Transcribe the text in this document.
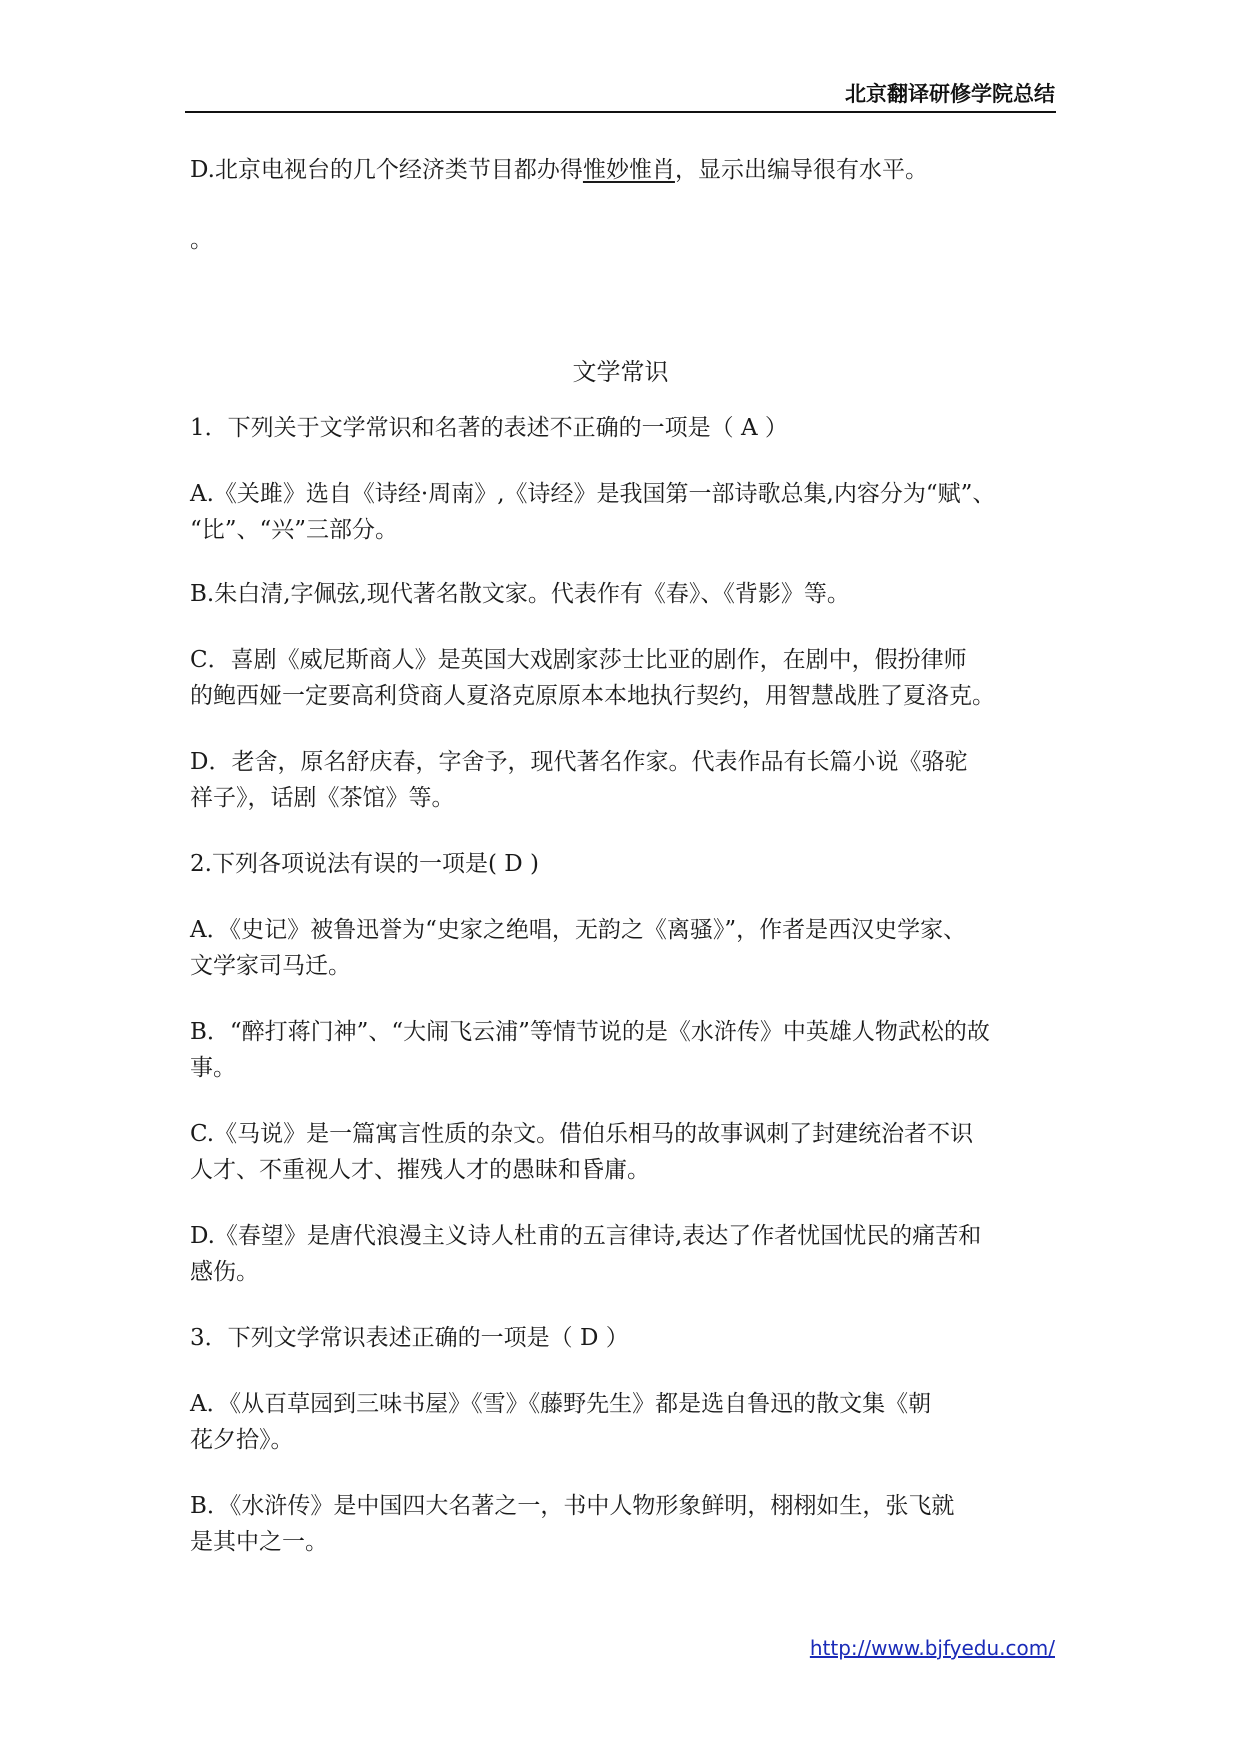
北京翻译研修学院总结
D.北京电视台的几个经济类节目都办得惟妙惟肖，显示出编导很有水平。
。
文学常识
1．下列关于文学常识和名著的表述不正确的一项是（ A ）
A.《关雎》选自《诗经·周南》,《诗经》是我国第一部诗歌总集,内容分为“赋”、
“比”、“兴”三部分。
B.朱白清,字佩弦,现代著名散文家。代表作有《春》、《背影》等。
C．喜剧《威尼斯商人》是英国大戏剧家莎士比亚的剧作，在剧中，假扮律师
的鲍西娅一定要高利贷商人夏洛克原原本本地执行契约，用智慧战胜了夏洛克。
D．老舍，原名舒庆春，字舍予，现代著名作家。代表作品有长篇小说《骆驼
祥子》，话剧《茶馆》等。
2.下列各项说法有误的一项是( D )
A．《史记》被鲁迅誉为“史家之绝唱，无韵之《离骚》”，作者是西汉史学家、
文学家司马迁。
B．“醉打蒋门神”、“大闹飞云浦”等情节说的是《水浒传》中英雄人物武松的故
事。
C.《马说》是一篇寓言性质的杂文。借伯乐相马的故事讽刺了封建统治者不识
人才、不重视人才、摧残人才的愚昧和昏庸。
D.《春望》是唐代浪漫主义诗人杜甫的五言律诗,表达了作者忧国忧民的痛苦和
感伤。
3．下列文学常识表述正确的一项是（ D ）
A．《从百草园到三味书屋》《雪》《藤野先生》都是选自鲁迅的散文集《朝
花夕拾》。
B．《水浒传》是中国四大名著之一，书中人物形象鲜明，栩栩如生，张飞就
是其中之一。
http://www.bjfyedu.com/
